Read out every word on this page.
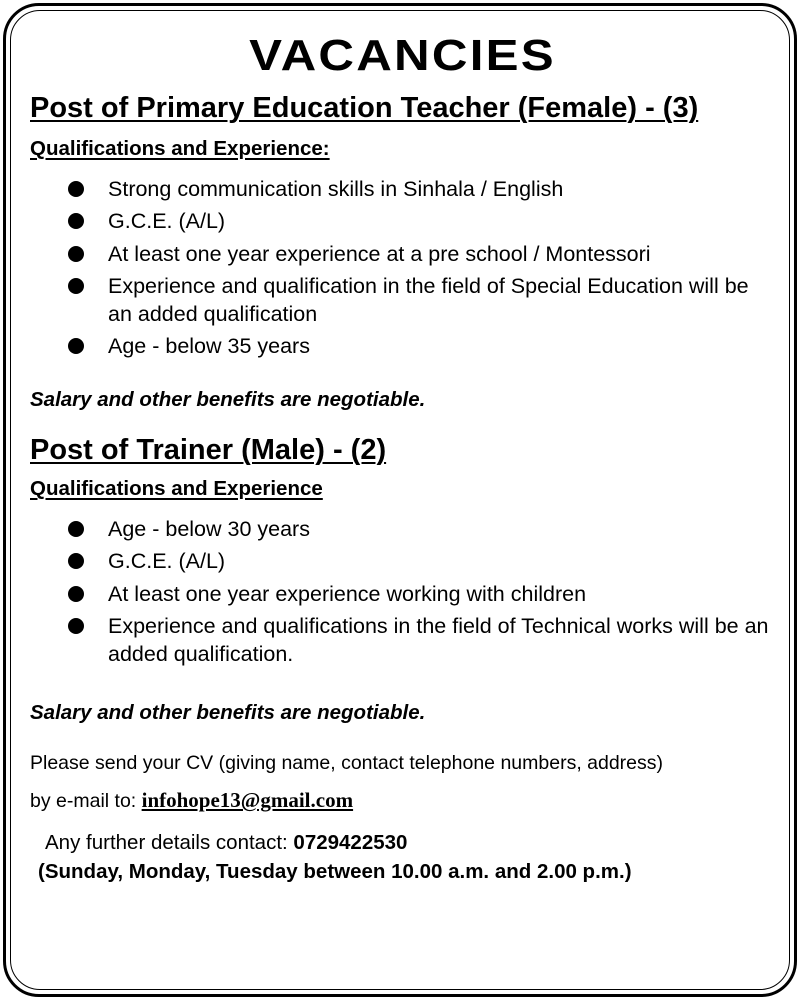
VACANCIES
Post of Primary Education Teacher (Female) - (3)
Qualifications and Experience:
Strong communication skills in Sinhala / English
G.C.E. (A/L)
At least one year experience at a pre school / Montessori
Experience and qualification in the field of Special Education will be an added qualification
Age - below 35 years

Salary and other benefits are negotiable.

Post of Trainer (Male) - (2)
Qualifications and Experience
Age - below 30 years
G.C.E. (A/L)
At least one year experience working with children
Experience and qualifications in the field of Technical works will be an added qualification.

Salary and other benefits are negotiable.

Please send your CV (giving name, contact telephone numbers, address)

by e-mail to: infohope13@gmail.com

Any further details contact: 0729422530

(Sunday, Monday, Tuesday between 10.00 a.m. and 2.00 p.m.)
